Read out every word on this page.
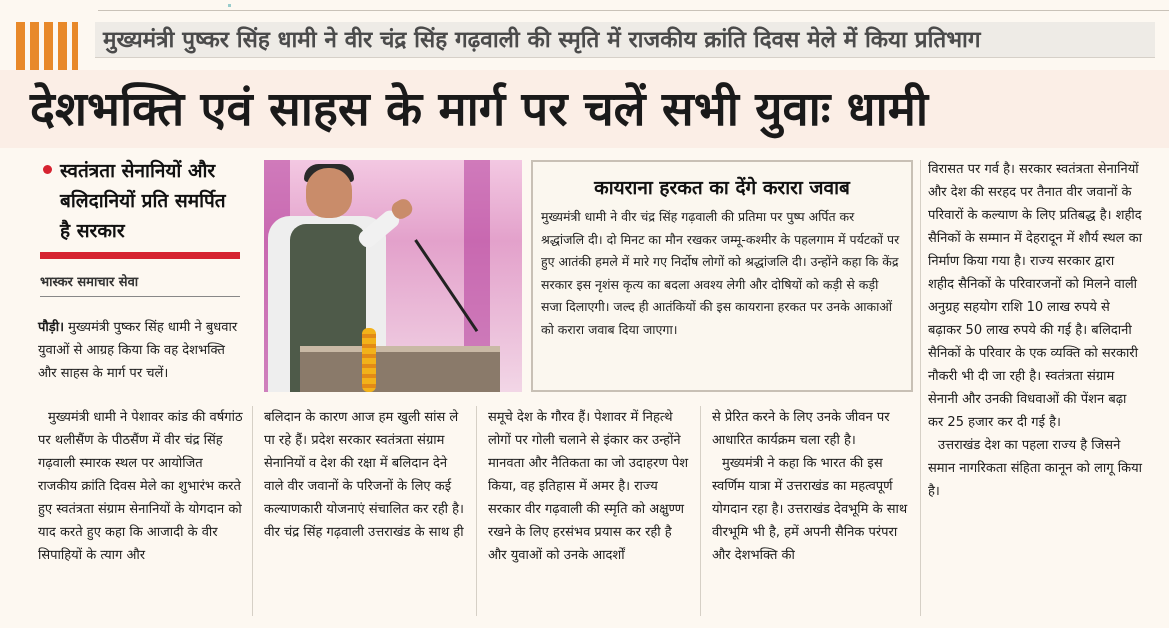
मुख्यमंत्री पुष्कर सिंह धामी ने वीर चंद्र सिंह गढ़वाली की स्मृति में राजकीय क्रांति दिवस मेले में किया प्रतिभाग
देशभक्ति एवं साहस के मार्ग पर चलें सभी युवाः धामी
स्वतंत्रता सेनानियों और बलिदानियों प्रति समर्पित है सरकार
भास्कर समाचार सेवा
कायराना हरकत का देंगे करारा जवाब
मुख्यमंत्री धामी ने वीर चंद्र सिंह गढ़वाली की प्रतिमा पर पुष्प अर्पित कर श्रद्धांजलि दी। दो मिनट का मौन रखकर जम्मू-कश्मीर के पहलगाम में पर्यटकों पर हुए आतंकी हमले में मारे गए निर्दोष लोगों को श्रद्धांजलि दी। उन्होंने कहा कि केंद्र सरकार इस नृशंस कृत्य का बदला अवश्य लेगी और दोषियों को कड़ी से कड़ी सजा दिलाएगी। जल्द ही आतंकियों की इस कायराना हरकत पर उनके आकाओं को करारा जवाब दिया जाएगा।

पौड़ी। मुख्यमंत्री पुष्कर सिंह धामी ने बुधवार युवाओं से आग्रह किया कि वह देशभक्ति और साहस के मार्ग पर चलें।

मुख्यमंत्री धामी ने पेशावर कांड की वर्षगांठ पर थलीसैंण के पीठसैंण में वीर चंद्र सिंह गढ़वाली स्मारक स्थल पर आयोजित राजकीय क्रांति दिवस मेले का शुभारंभ करते हुए स्वतंत्रता संग्राम सेनानियों के योगदान को याद करते हुए कहा कि आजादी के वीर सिपाहियों के त्याग और

बलिदान के कारण आज हम खुली सांस ले पा रहे हैं। प्रदेश सरकार स्वतंत्रता संग्राम सेनानियों व देश की रक्षा में बलिदान देने वाले वीर जवानों के परिजनों के लिए कई कल्याणकारी योजनाएं संचालित कर रही है। वीर चंद्र सिंह गढ़वाली उत्तराखंड के साथ ही

समूचे देश के गौरव हैं। पेशावर में निहत्थे लोगों पर गोली चलाने से इंकार कर उन्होंने मानवता और नैतिकता का जो उदाहरण पेश किया, वह इतिहास में अमर है। राज्य सरकार वीर गढ़वाली की स्मृति को अक्षुण्ण रखने के लिए हरसंभव प्रयास कर रही है और युवाओं को उनके आदर्शों

से प्रेरित करने के लिए उनके जीवन पर आधारित कार्यक्रम चला रही है।

मुख्यमंत्री ने कहा कि भारत की इस स्वर्णिम यात्रा में उत्तराखंड का महत्वपूर्ण योगदान रहा है। उत्तराखंड देवभूमि के साथ वीरभूमि भी है, हमें अपनी सैनिक परंपरा और देशभक्ति की

विरासत पर गर्व है। सरकार स्वतंत्रता सेनानियों और देश की सरहद पर तैनात वीर जवानों के परिवारों के कल्याण के लिए प्रतिबद्ध है। शहीद सैनिकों के सम्मान में देहरादून में शौर्य स्थल का निर्माण किया गया है। राज्य सरकार द्वारा शहीद सैनिकों के परिवारजनों को मिलने वाली अनुग्रह सहयोग राशि 10 लाख रुपये से बढ़ाकर 50 लाख रुपये की गई है। बलिदानी सैनिकों के परिवार के एक व्यक्ति को सरकारी नौकरी भी दी जा रही है। स्वतंत्रता संग्राम सेनानी और उनकी विधवाओं की पेंशन बढ़ा कर 25 हजार कर दी गई है।

उत्तराखंड देश का पहला राज्य है जिसने समान नागरिकता संहिता कानून को लागू किया है।
